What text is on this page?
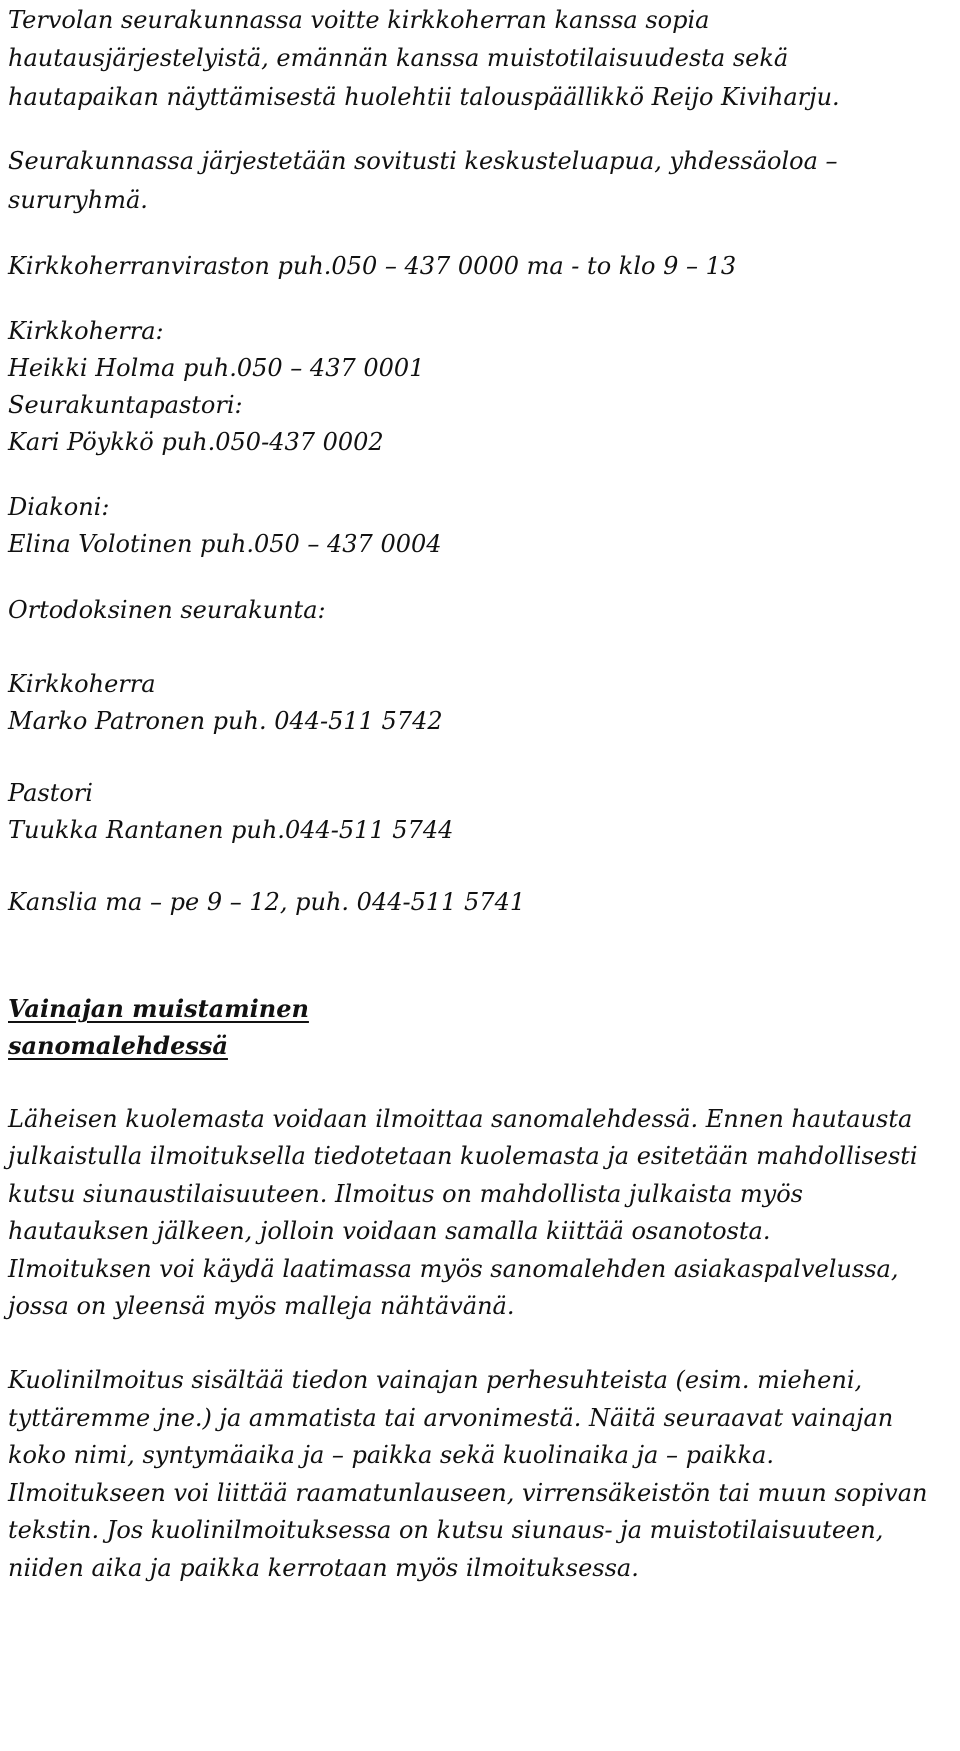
Tervolan seurakunnassa voitte kirkkoherran kanssa sopia
hautausjärjestelyistä, emännän kanssa muistotilaisuudesta sekä
hautapaikan näyttämisestä huolehtii talouspäällikkö Reijo Kiviharju.
Seurakunnassa järjestetään sovitusti keskusteluapua, yhdessäoloa –
sururyhmä.
Kirkkoherranviraston puh.050 – 437 0000 ma - to klo 9 – 13
Kirkkoherra:
Heikki Holma puh.050 – 437 0001
Seurakuntapastori:
Kari Pöykkö puh.050-437 0002
Diakoni:
Elina Volotinen puh.050 – 437 0004
Ortodoksinen seurakunta:
Kirkkoherra
Marko Patronen puh. 044-511 5742
Pastori
Tuukka Rantanen puh.044-511 5744
Kanslia ma – pe 9 – 12, puh. 044-511 5741
Vainajan muistaminen
sanomalehdessä
Läheisen kuolemasta voidaan ilmoittaa sanomalehdessä. Ennen hautausta
julkaistulla ilmoituksella tiedotetaan kuolemasta ja esitetään mahdollisesti
kutsu siunaustilaisuuteen. Ilmoitus on mahdollista julkaista myös
hautauksen jälkeen, jolloin voidaan samalla kiittää osanotosta.
Ilmoituksen voi käydä laatimassa myös sanomalehden asiakaspalvelussa,
jossa on yleensä myös malleja nähtävänä.
Kuolinilmoitus sisältää tiedon vainajan perhesuhteista (esim. mieheni,
tyttäremme jne.) ja ammatista tai arvonimestä. Näitä seuraavat vainajan
koko nimi, syntymäaika ja – paikka sekä kuolinaika ja – paikka.
Ilmoitukseen voi liittää raamatunlauseen, virrensäkeistön tai muun sopivan
tekstin. Jos kuolinilmoituksessa on kutsu siunaus- ja muistotilaisuuteen,
niiden aika ja paikka kerrotaan myös ilmoituksessa.
